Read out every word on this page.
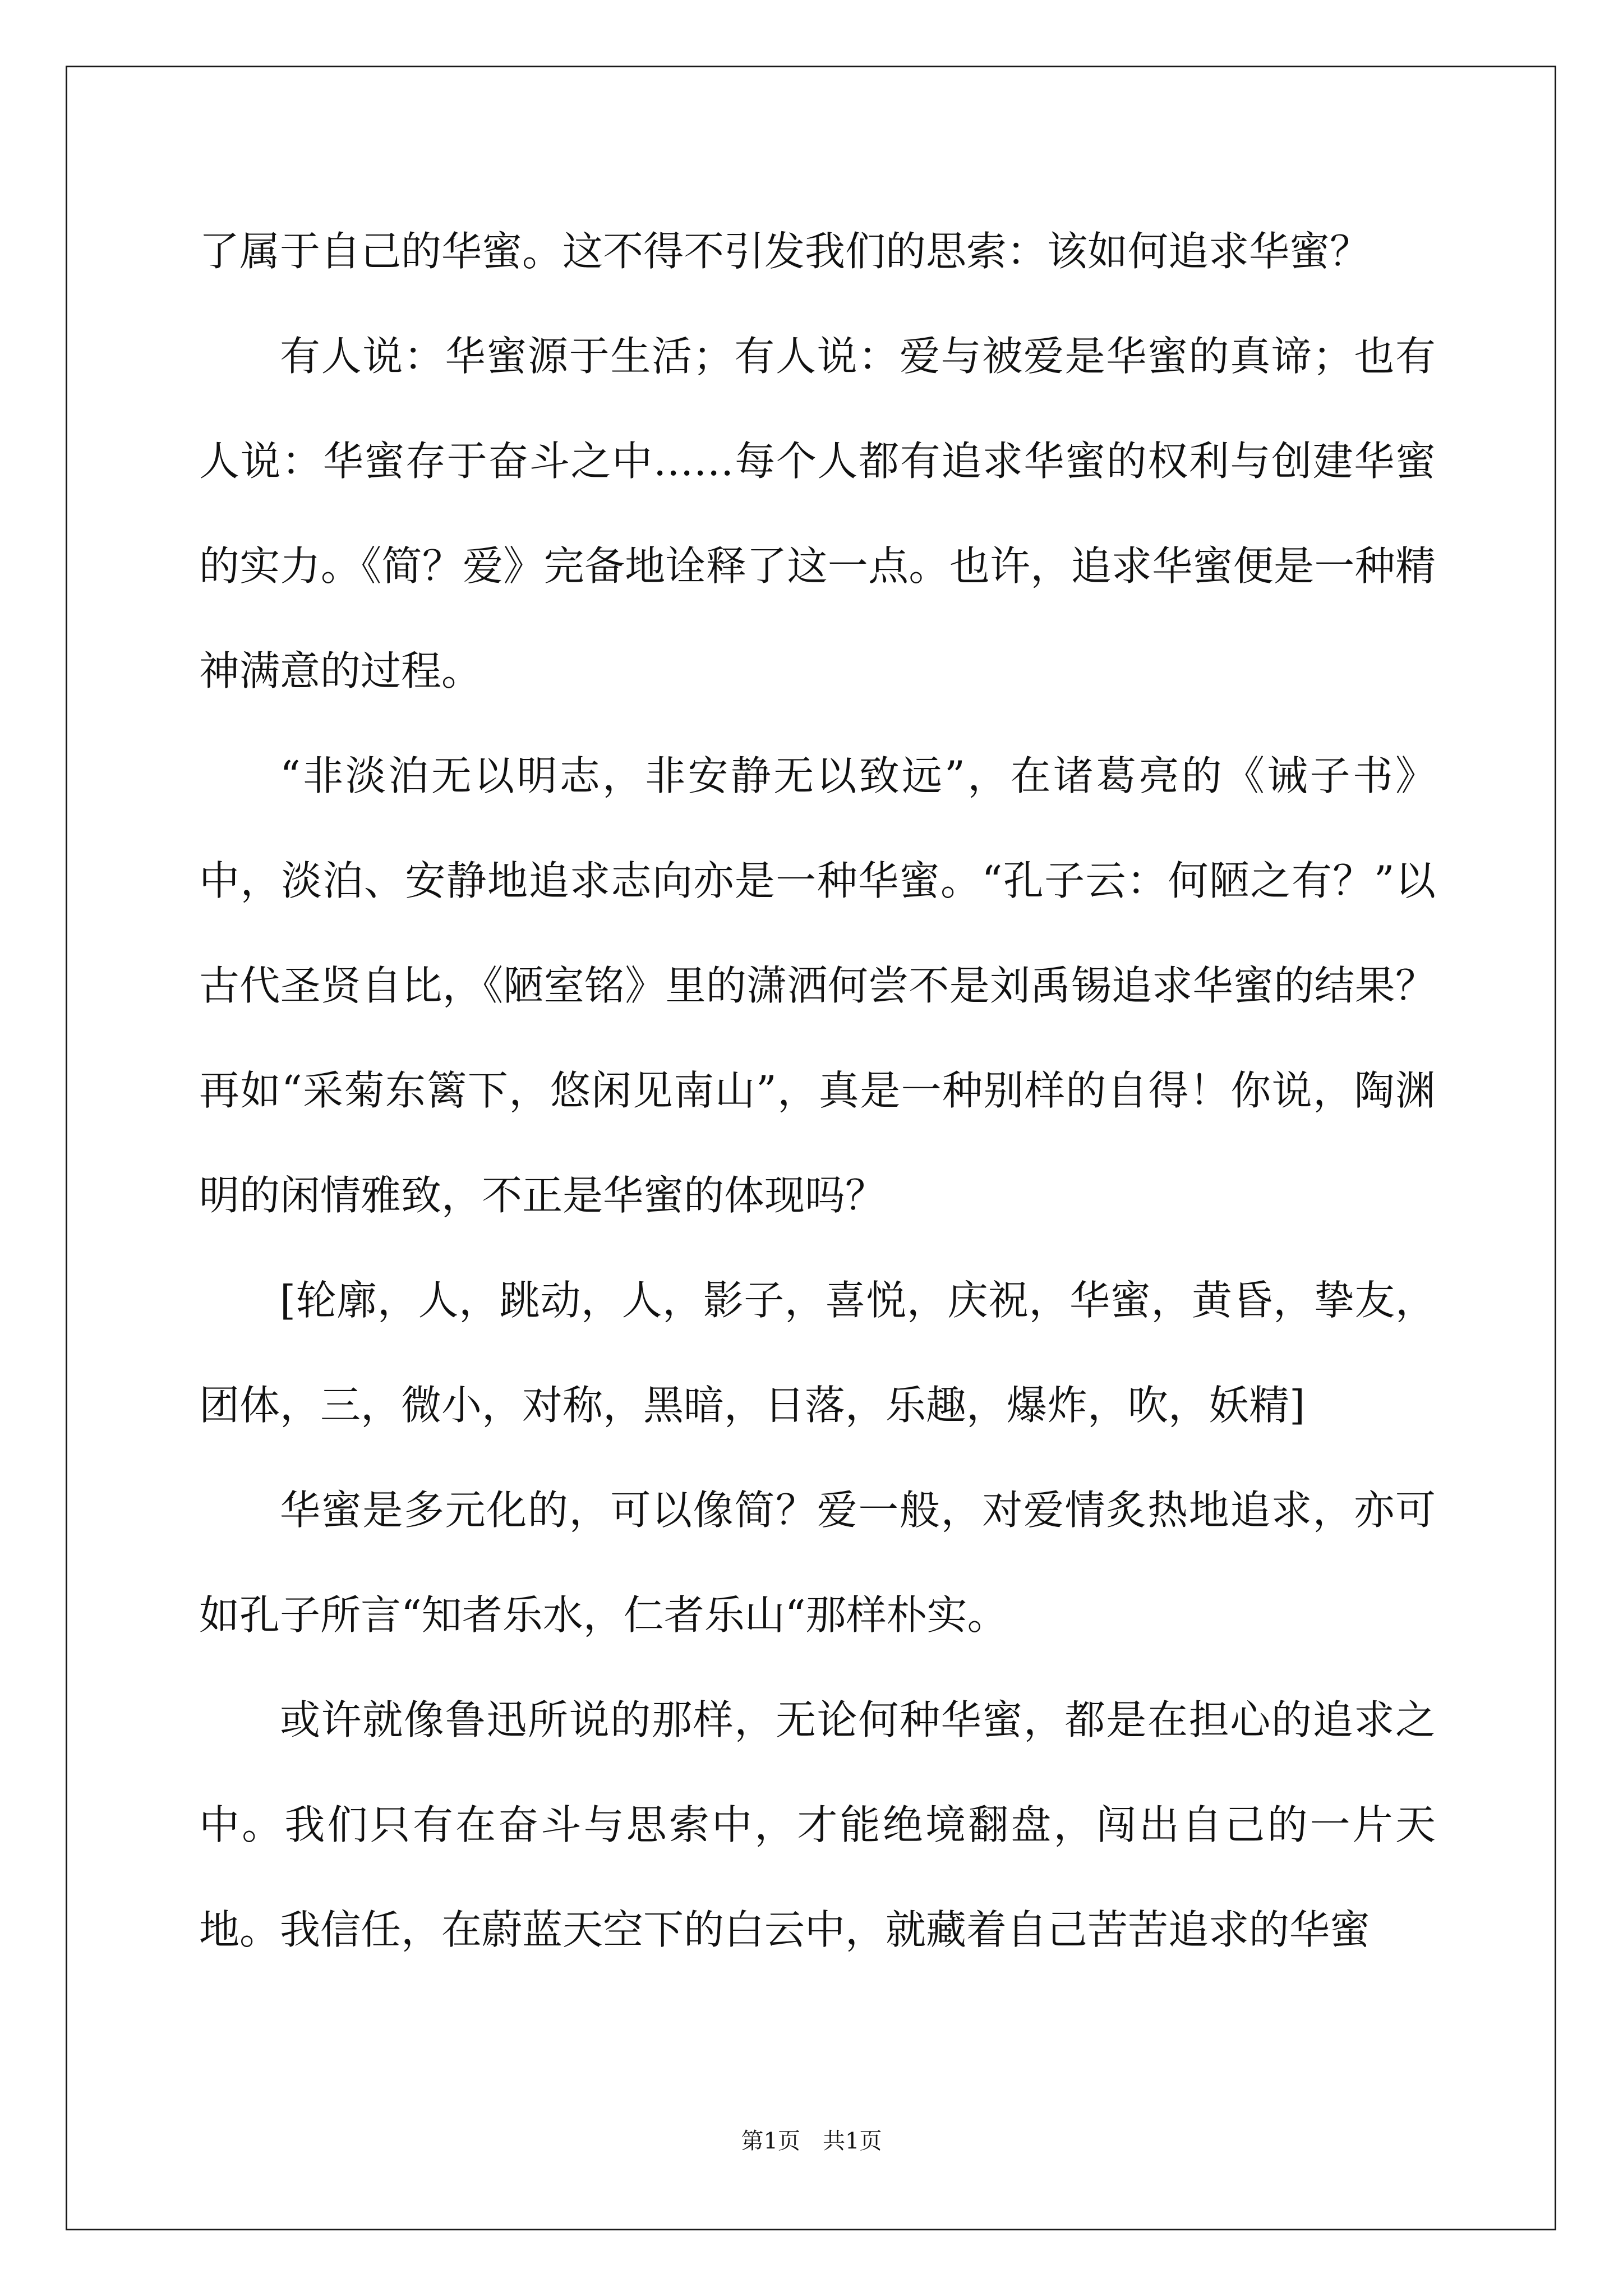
了属于自己的华蜜。这不得不引发我们的思索：该如何追求华蜜？

有人说：华蜜源于生活；有人说：爱与被爱是华蜜的真谛；也有人说：华蜜存于奋斗之中……每个人都有追求华蜜的权利与创建华蜜的实力。《简？爱》完备地诠释了这一点。也许，追求华蜜便是一种精神满意的过程。

“非淡泊无以明志，非安静无以致远”，在诸葛亮的《诫子书》中，淡泊、安静地追求志向亦是一种华蜜。“孔子云：何陋之有？”以古代圣贤自比，《陋室铭》里的潇洒何尝不是刘禹锡追求华蜜的结果？再如“采菊东篱下，悠闲见南山”，真是一种别样的自得！你说，陶渊明的闲情雅致，不正是华蜜的体现吗？

[轮廓，人，跳动，人，影子，喜悦，庆祝，华蜜，黄昏，挚友，团体，三，微小，对称，黑暗，日落，乐趣，爆炸，吹，妖精]

华蜜是多元化的，可以像简？爱一般，对爱情炙热地追求，亦可如孔子所言“知者乐水，仁者乐山“那样朴实。

或许就像鲁迅所说的那样，无论何种华蜜，都是在担心的追求之中。我们只有在奋斗与思索中，才能绝境翻盘，闯出自己的一片天地。我信任，在蔚蓝天空下的白云中，就藏着自己苦苦追求的华蜜

第1页 共1页
